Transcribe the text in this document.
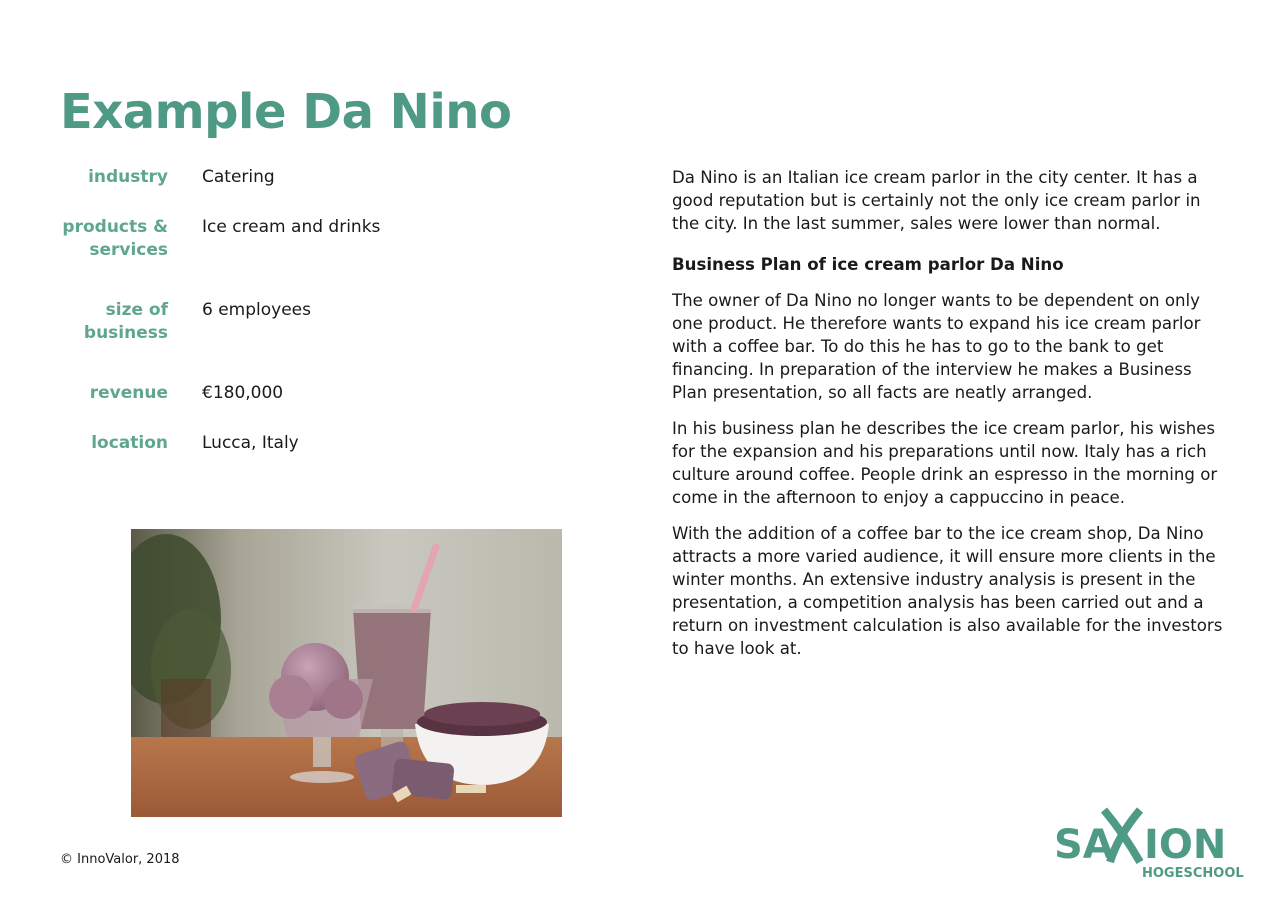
Example Da Nino
industry Catering
products & services
Ice cream and drinks
size of business
6 employees
revenue €180,000
location Lucca, Italy

Da Nino is an Italian ice cream parlor in the city center. It has a good reputation but is certainly not the only ice cream parlor in the city. In the last summer, sales were lower than normal.

Business Plan of ice cream parlor Da Nino

The owner of Da Nino no longer wants to be dependent on only one product. He therefore wants to expand his ice cream parlor with a coffee bar. To do this he has to go to the bank to get financing. In preparation of the interview he makes a Business Plan presentation, so all facts are neatly arranged.

In his business plan he describes the ice cream parlor, his wishes for the expansion and his preparations until now. Italy has a rich culture around coffee. People drink an espresso in the morning or come in the afternoon to enjoy a cappuccino in peace.

With the addition of a coffee bar to the ice cream shop, Da Nino attracts a more varied audience, it will ensure more clients in the winter months. An extensive industry analysis is present in the presentation, a competition analysis has been carried out and a return on investment calculation is also available for the investors to have look at.

© InnoValor, 2018	SA ION
HOGESCHOOL
